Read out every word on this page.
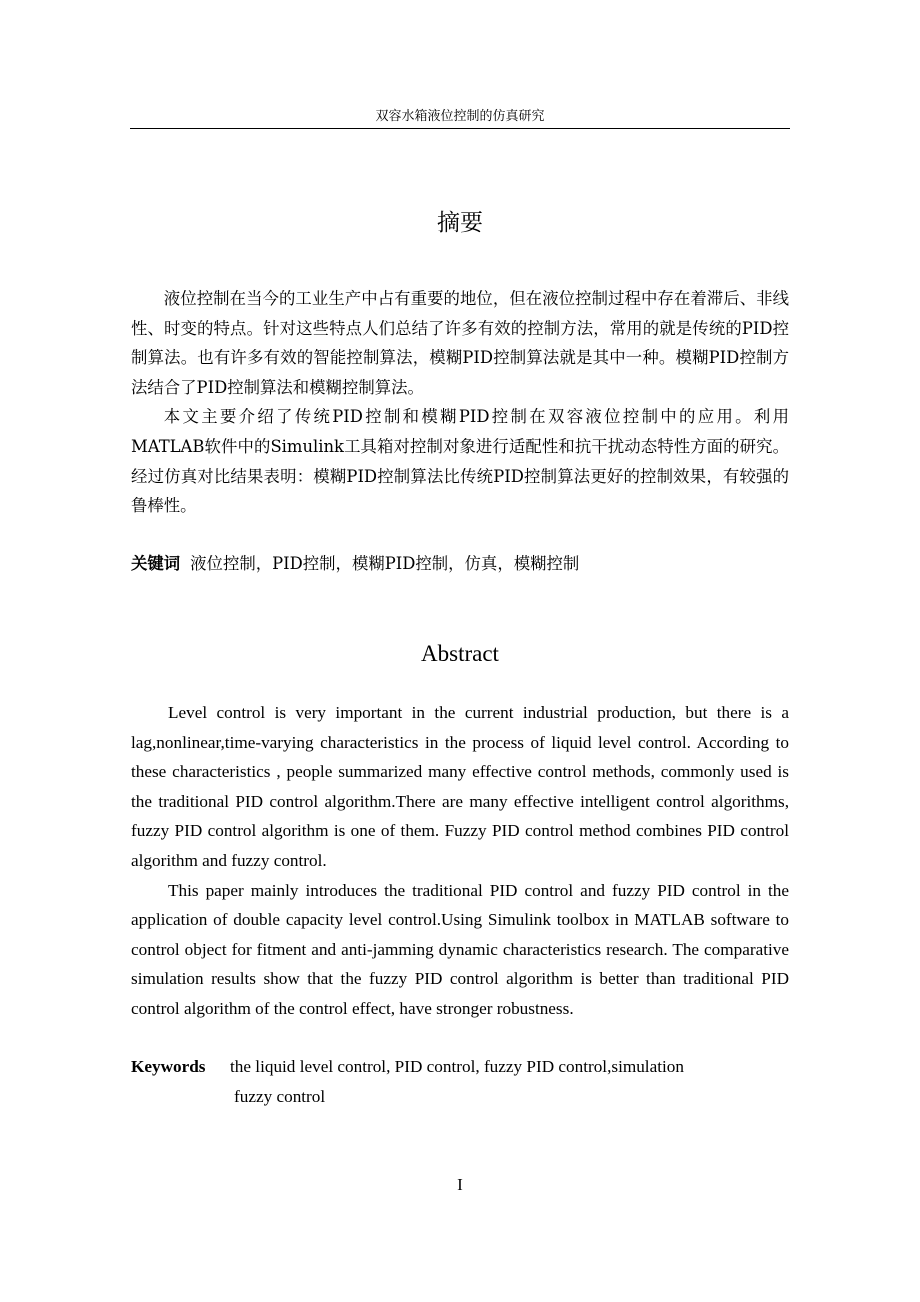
双容水箱液位控制的仿真研究
摘要

液位控制在当今的工业生产中占有重要的地位，但在液位控制过程中存在着滞后、非线性、时变的特点。针对这些特点人们总结了许多有效的控制方法，常用的就是传统的PID控制算法。也有许多有效的智能控制算法，模糊PID控制算法就是其中一种。模糊PID控制方法结合了PID控制算法和模糊控制算法。

本文主要介绍了传统PID控制和模糊PID控制在双容液位控制中的应用。利用MATLAB软件中的Simulink工具箱对控制对象进行适配性和抗干扰动态特性方面的研究。经过仿真对比结果表明：模糊PID控制算法比传统PID控制算法更好的控制效果，有较强的鲁棒性。

关键词 液位控制，PID控制，模糊PID控制，仿真，模糊控制
Abstract

Level control is very important in the current industrial production, but there is a lag,nonlinear,time-varying characteristics in the process of liquid level control. According to these characteristics , people summarized many effective control methods, commonly used is the traditional PID control algorithm.There are many effective intelligent control algorithms, fuzzy PID control algorithm is one of them. Fuzzy PID control method combines PID control algorithm and fuzzy control.

This paper mainly introduces the traditional PID control and fuzzy PID control in the application of double capacity level control.Using Simulink toolbox in MATLAB software to control object for fitment and anti-jamming dynamic characteristics research. The comparative simulation results show that the fuzzy PID control algorithm is better than traditional PID control algorithm of the control effect, have stronger robustness.

Keywords the liquid level control, PID control, fuzzy PID control,simulation
fuzzy control
I
